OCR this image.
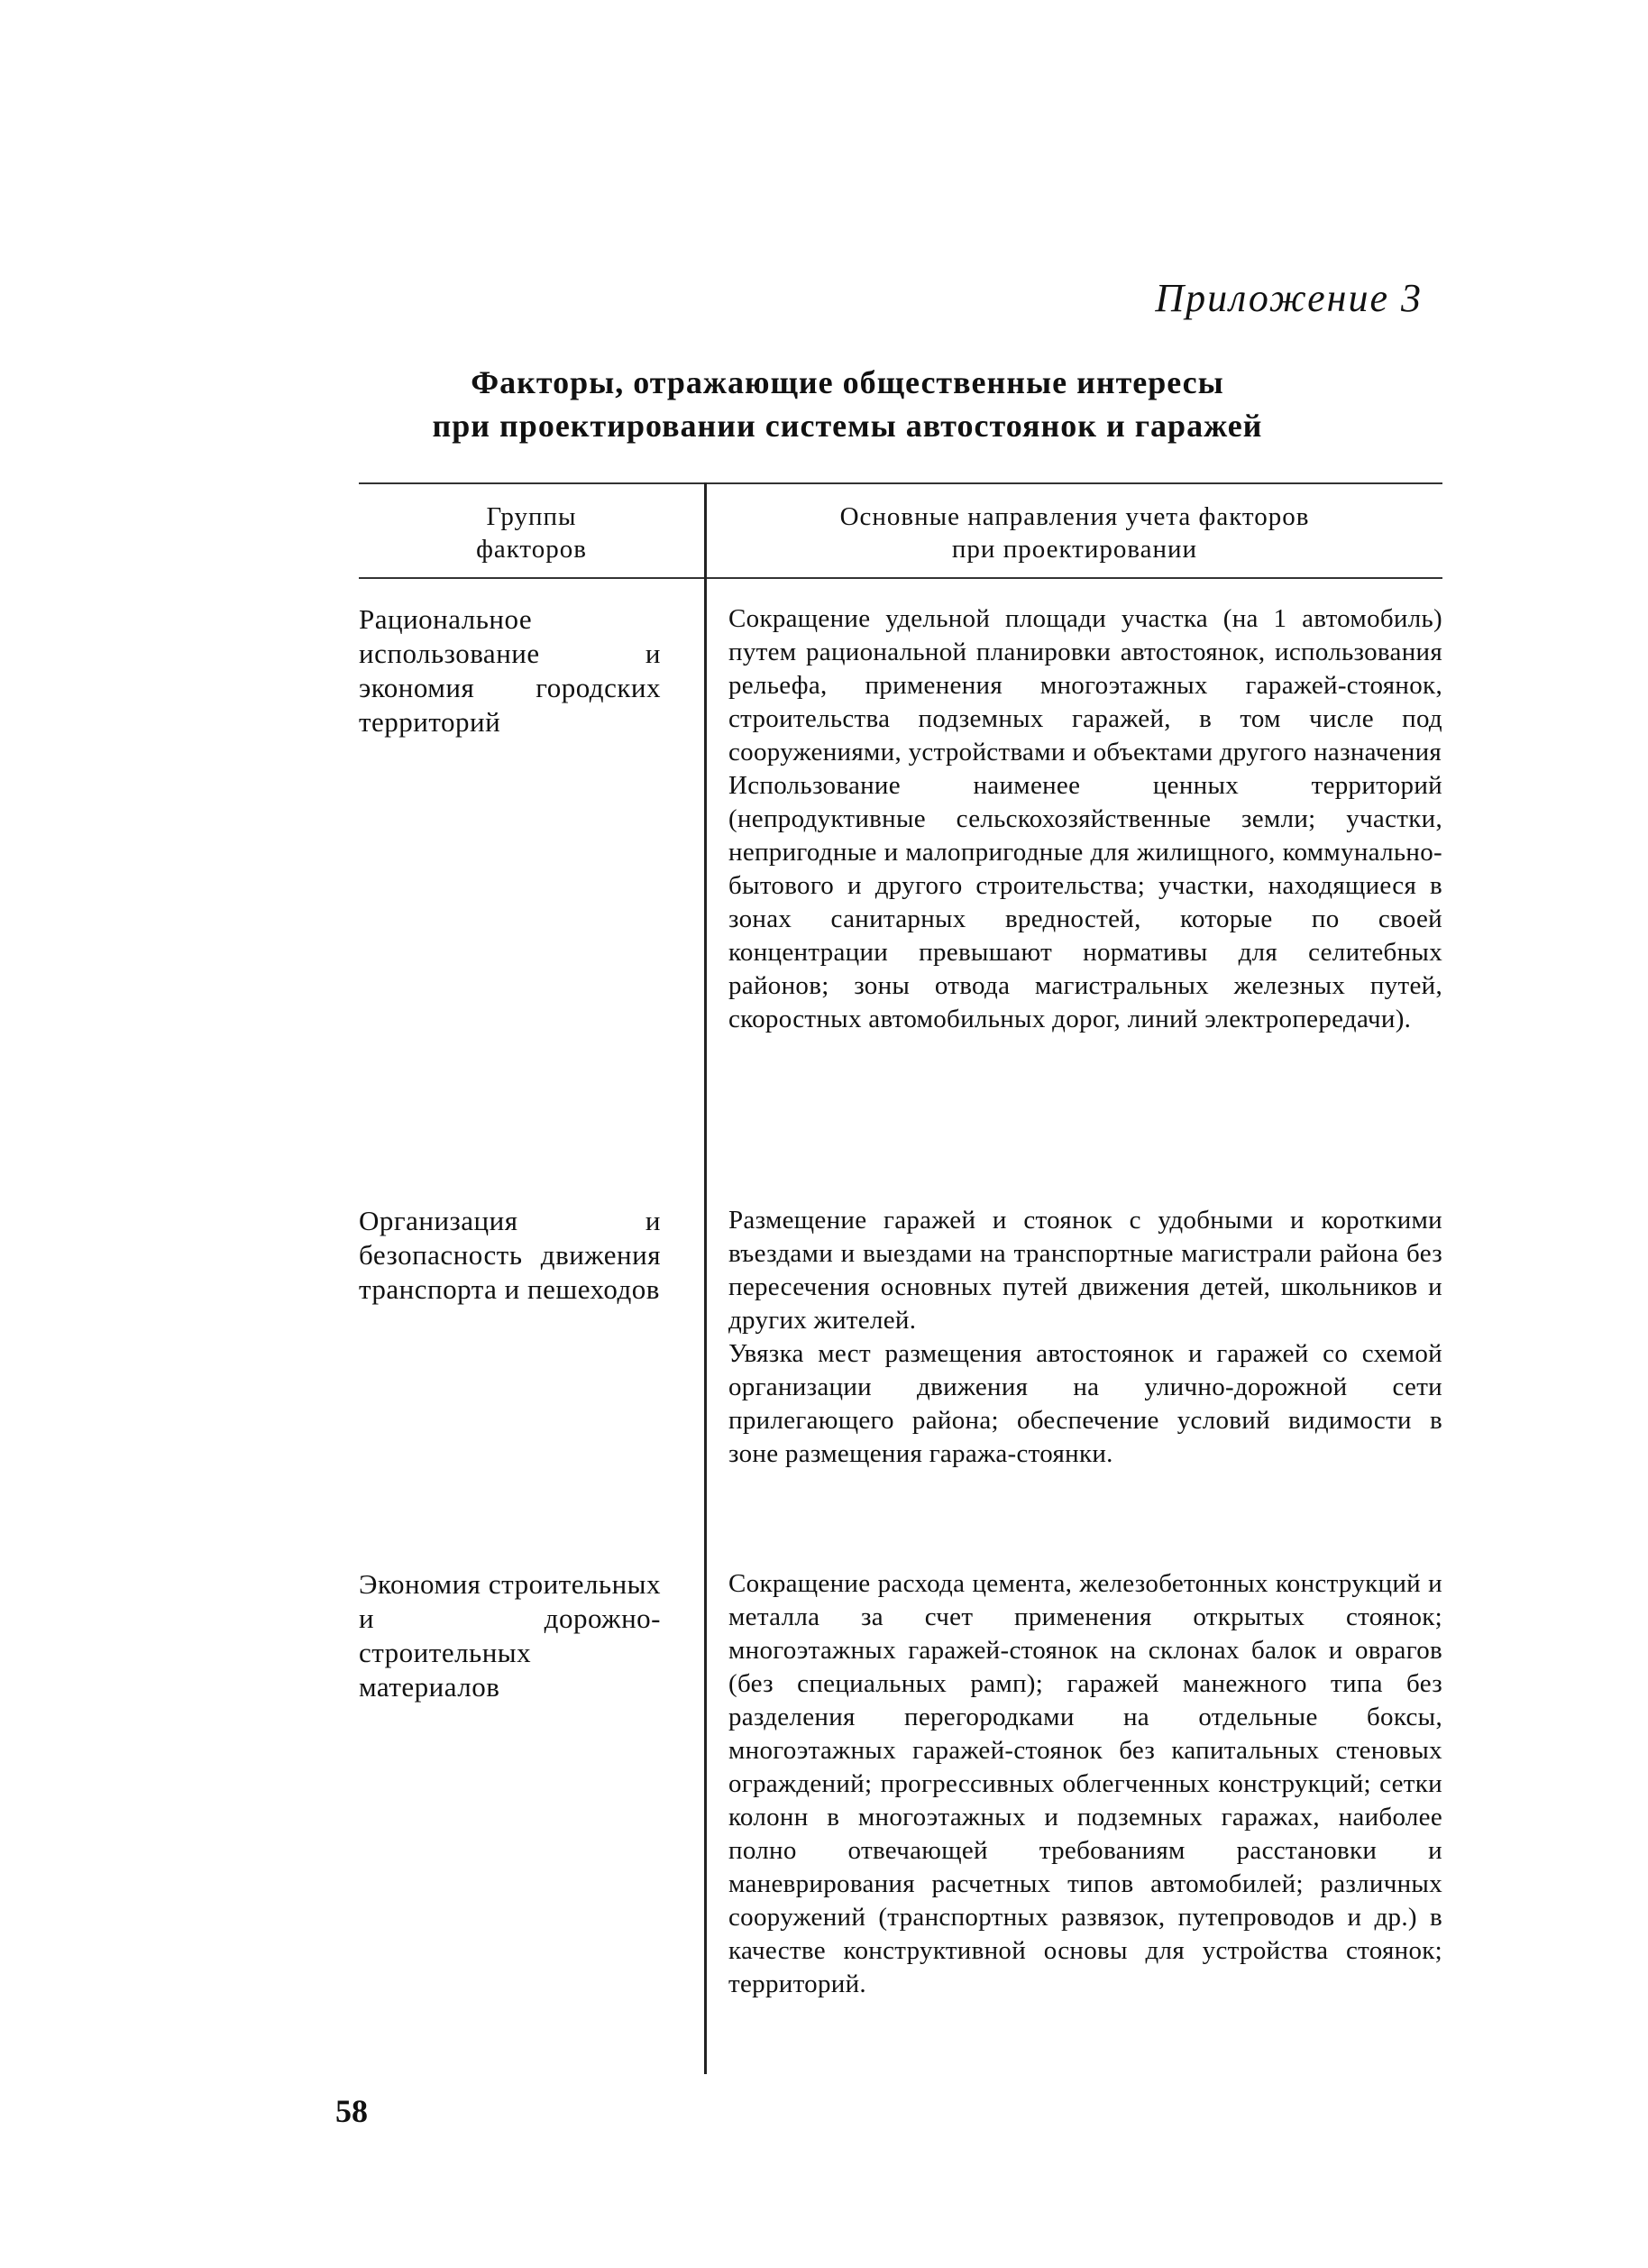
Приложение 3
Факторы, отражающие общественные интересы
при проектировании системы автостоянок и гаражей
Группы
факторов
Основные направления учета факторов
при проектировании
Рациональное использование и экономия городских территорий

Сокращение удельной площади участка (на 1 автомобиль) путем рациональной планировки автостоянок, использования рельефа, применения многоэтажных гаражей-стоянок, строительства подземных гаражей, в том числе под сооружениями, устройствами и объектами другого назначения

Использование наименее ценных территорий (непродуктивные сельскохозяйственные земли; участки, непригодные и малопригодные для жилищного, коммунально-бытового и другого строительства; участки, находящиеся в зонах санитарных вредностей, которые по своей концентрации превышают нормативы для селитебных районов; зоны отвода магистральных железных путей, скоростных автомобильных дорог, линий электропередачи).

Организация и безопасность движения транспорта и пешеходов

Размещение гаражей и стоянок с удобными и короткими въездами и выездами на транспортные магистрали района без пересечения основных путей движения детей, школьников и других жителей.

Увязка мест размещения автостоянок и гаражей со схемой организации движения на улично-дорожной сети прилегающего района; обеспечение условий видимости в зоне размещения гаража-стоянки.

Экономия строительных и дорожно-строительных материалов

Сокращение расхода цемента, железобетонных конструкций и металла за счет применения открытых стоянок; многоэтажных гаражей-стоянок на склонах балок и оврагов (без специальных рамп); гаражей манежного типа без разделения перегородками на отдельные боксы, многоэтажных гаражей-стоянок без капитальных стеновых ограждений; прогрессивных облегченных конструкций; сетки колонн в многоэтажных и подземных гаражах, наиболее полно отвечающей требованиям расстановки и маневрирования расчетных типов автомобилей; различных сооружений (транспортных развязок, путепроводов и др.) в качестве конструктивной основы для устройства стоянок; территорий.

58
